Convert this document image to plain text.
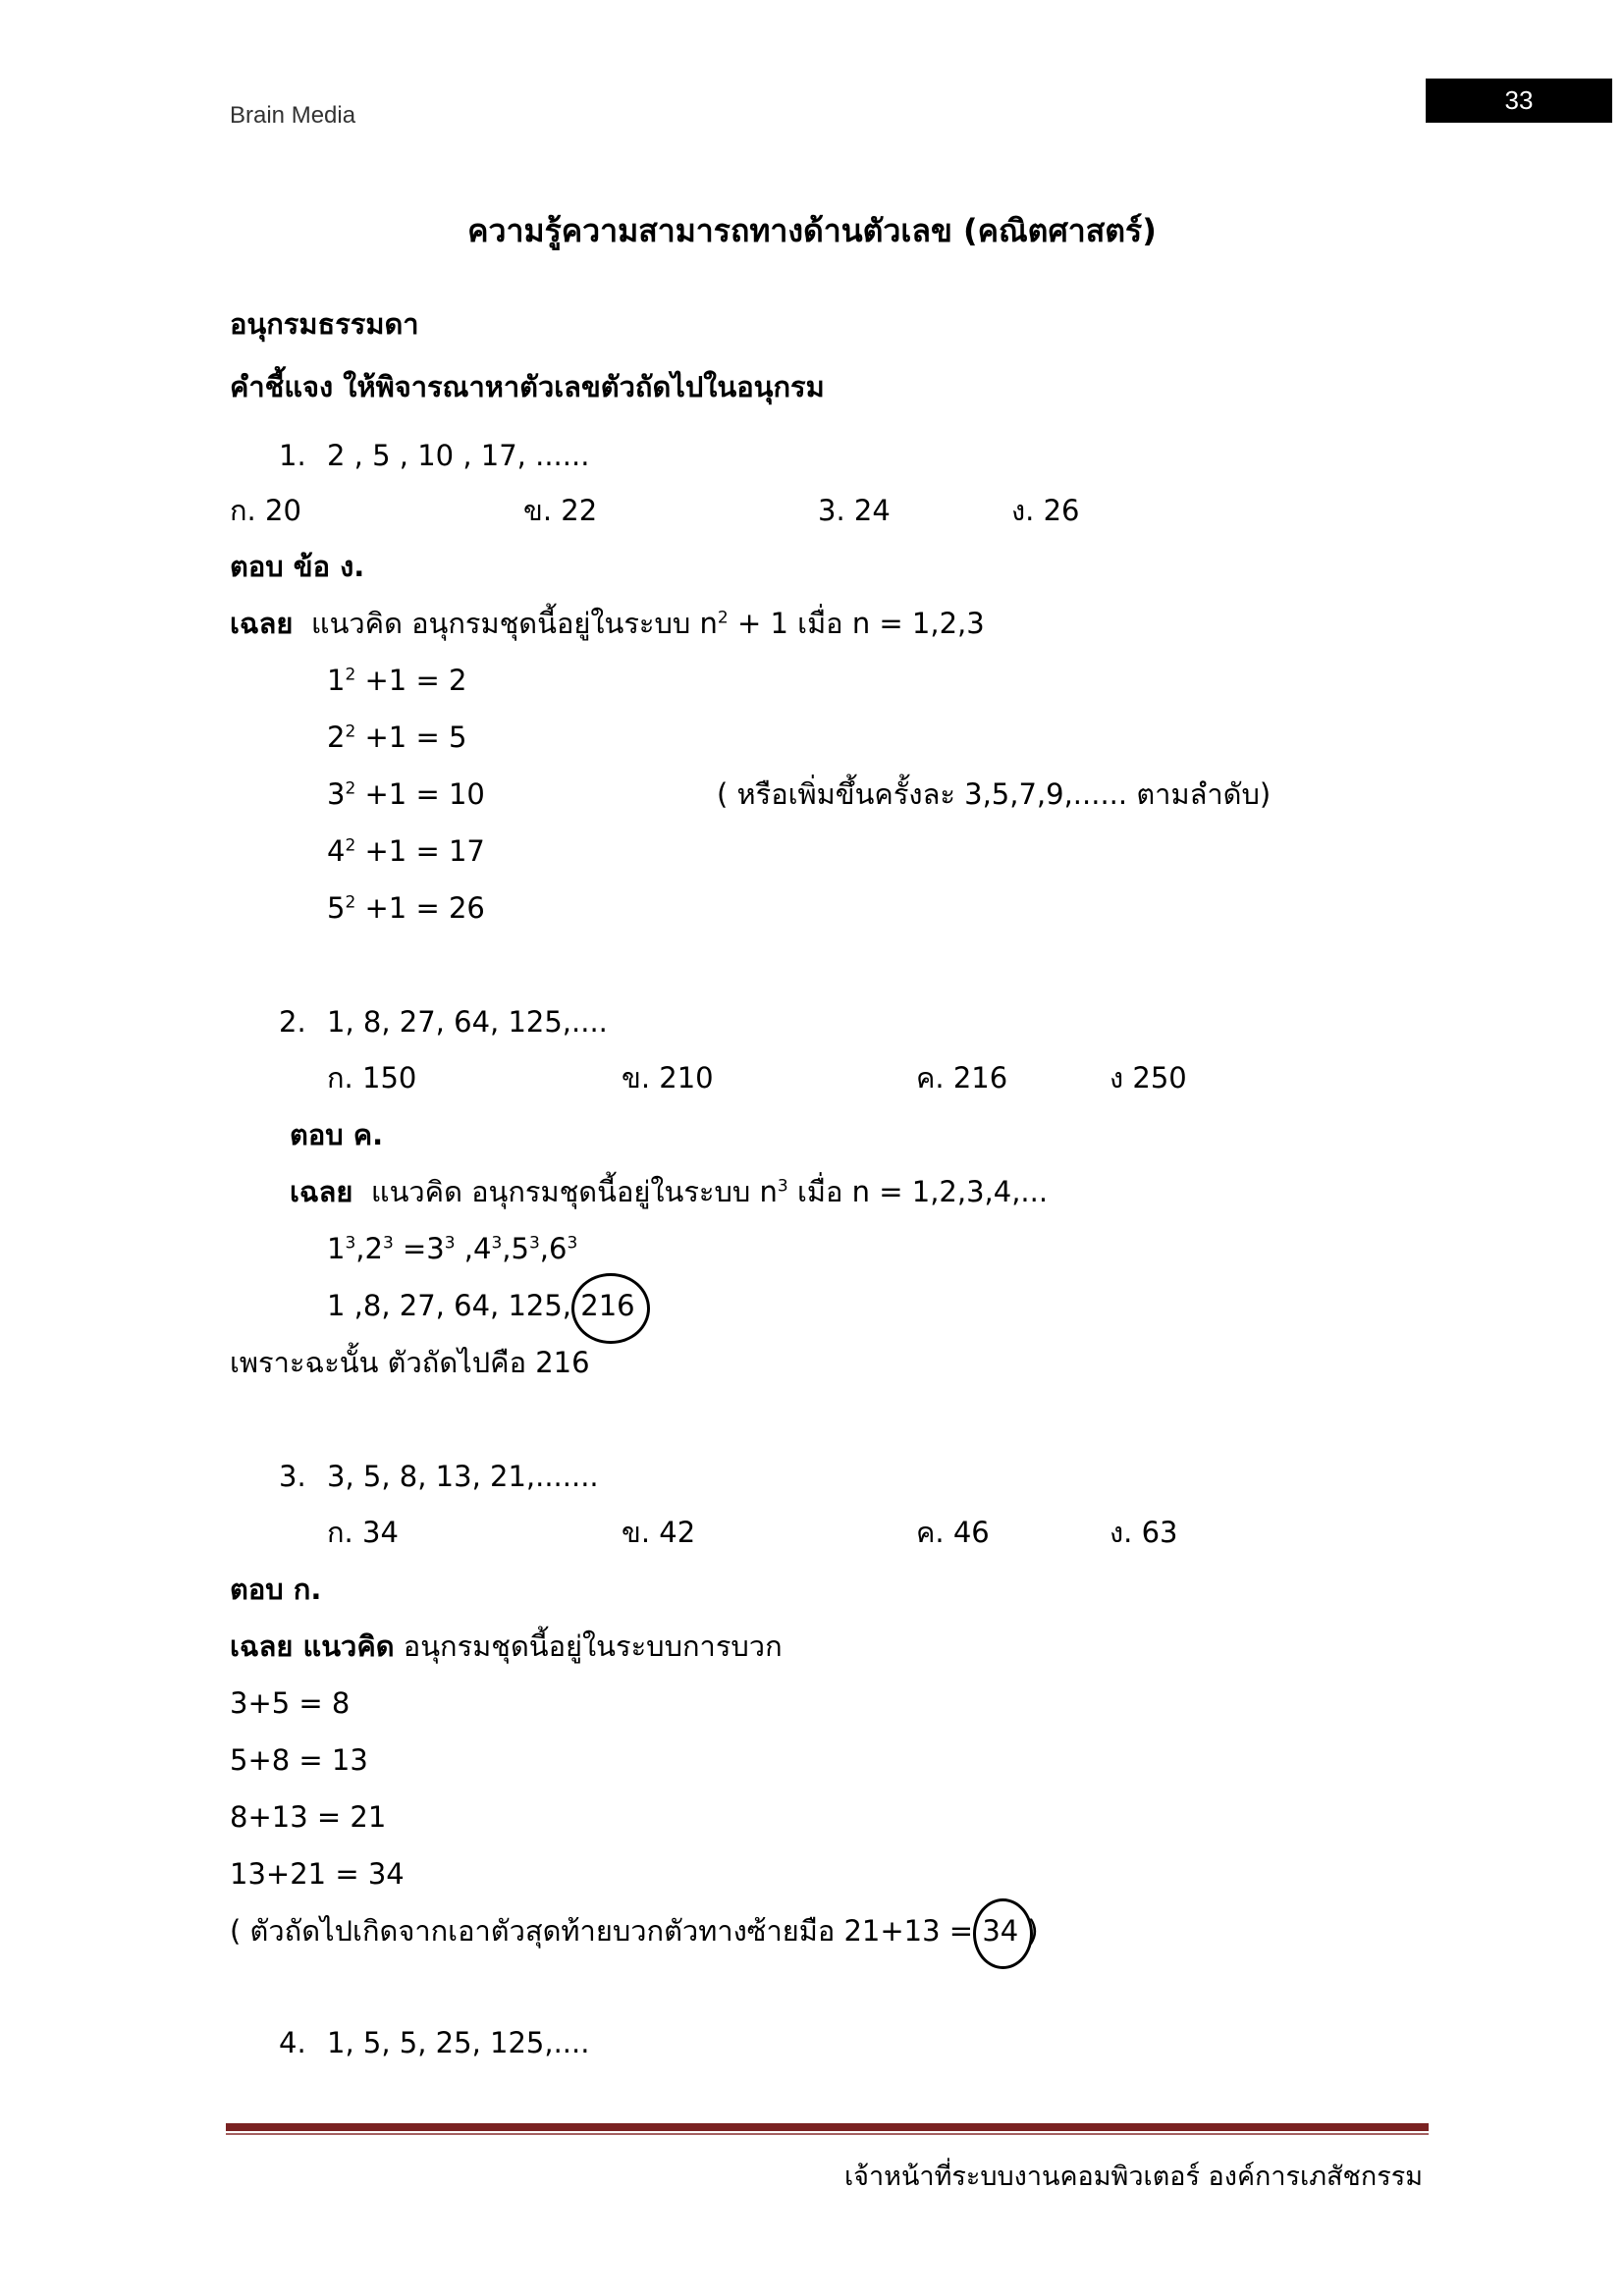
Brain Media
33
ความรู้ความสามารถทางด้านตัวเลข (คณิตศาสตร์)
อนุกรมธรรมดา
คำชี้แจง ให้พิจารณาหาตัวเลขตัวถัดไปในอนุกรม
1. 2 , 5 , 10 , 17, ......
ก. 20	ข. 22	3. 24	ง. 26
ตอบ ข้อ ง.
เฉลย แนวคิด อนุกรมชุดนี้อยู่ในระบบ $n^2 + 1$ เมื่อ n = 1,2,3
$1^2 +1 = 2$
$2^2 +1 = 5$
$3^2 +1 = 10$	( หรือเพิ่มขึ้นครั้งละ 3,5,7,9,...... ตามลำดับ)
$4^2 +1 = 17$
$5^2 +1 = 26$
2. 1, 8, 27, 64, 125,....
ก. 150	ข. 210	ค. 216	ง 250
ตอบ ค.
เฉลย แนวคิด อนุกรมชุดนี้อยู่ในระบบ $n^3$ เมื่อ n = 1,2,3,4,...
$1^3,2^3 =3^3$ $,4^3,5^3,6^3$
1 ,8, 27, 64, 125, 216
เพราะฉะนั้น ตัวถัดไปคือ 216
3. 3, 5, 8, 13, 21,.......
ก. 34	ข. 42	ค. 46	ง. 63
ตอบ ก.
เฉลย แนวคิด อนุกรมชุดนี้อยู่ในระบบการบวก
3+5 = 8
5+8 = 13
8+13 = 21
13+21 = 34
( ตัวถัดไปเกิดจากเอาตัวสุดท้ายบวกตัวทางซ้ายมือ 21+13 = 34 )
4. 1, 5, 5, 25, 125,....
เจ้าหน้าที่ระบบงานคอมพิวเตอร์ องค์การเภสัชกรรม
